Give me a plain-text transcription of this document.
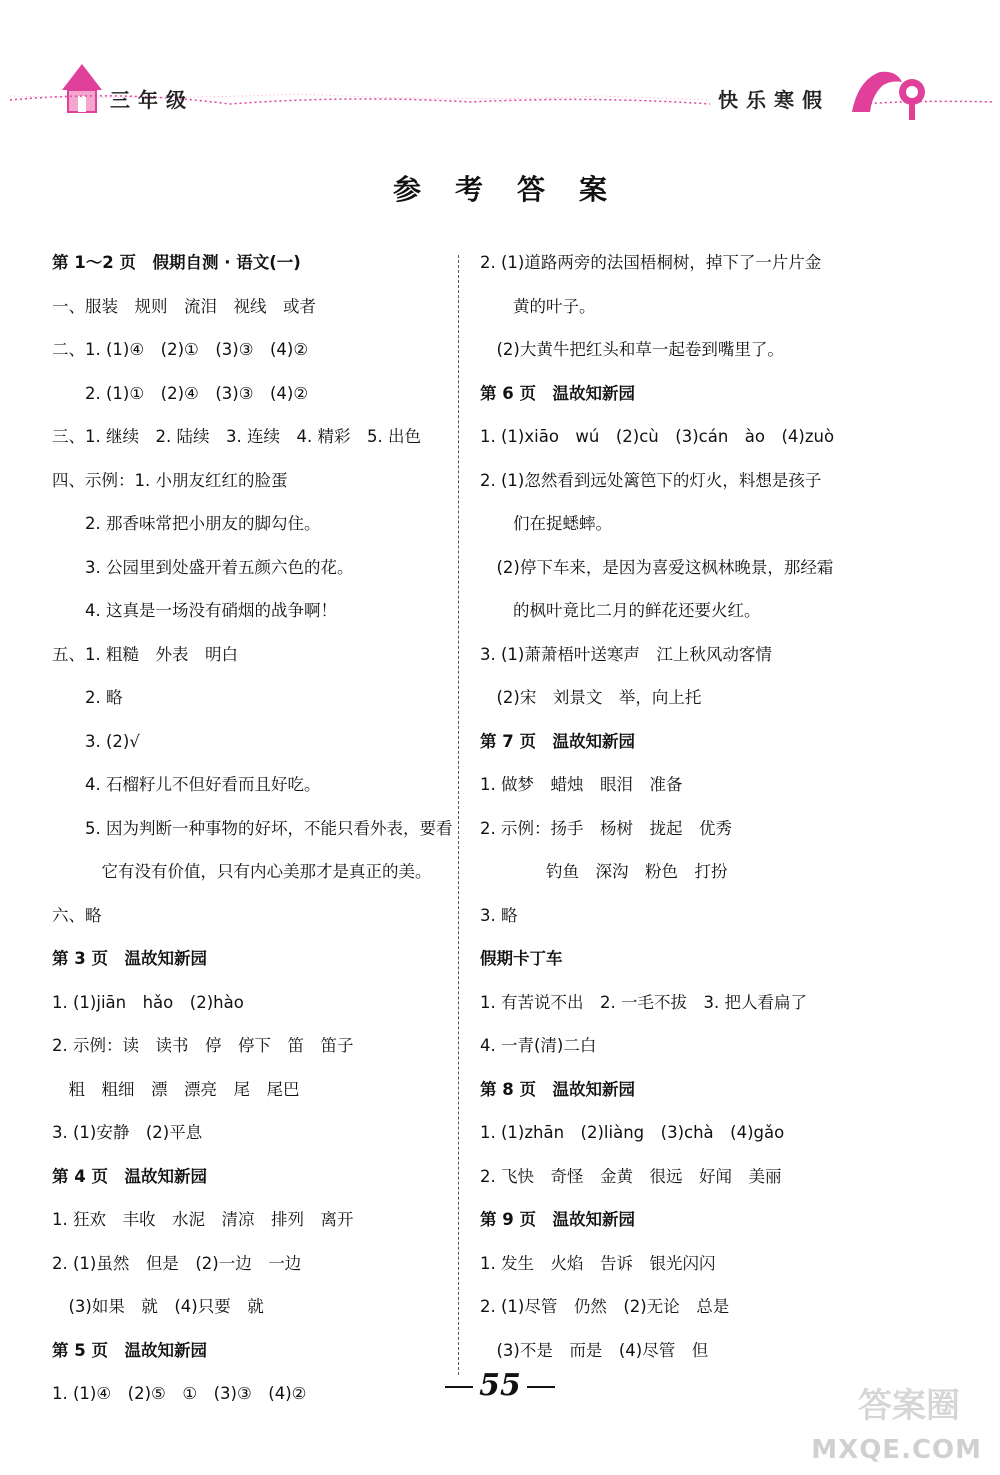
三年级	快乐寒假
参考答案
第 1～2 页　假期自测 · 语文(一)
一、服装　规则　流泪　视线　或者
二、1. (1)④　(2)①　(3)③　(4)②
　　2. (1)①　(2)④　(3)③　(4)②
三、1. 继续　2. 陆续　3. 连续　4. 精彩　5. 出色
四、示例：1. 小朋友红红的脸蛋
　　2. 那香味常把小朋友的脚勾住。
　　3. 公园里到处盛开着五颜六色的花。
　　4. 这真是一场没有硝烟的战争啊！
五、1. 粗糙　外表　明白
　　2. 略
　　3. (2)√
　　4. 石榴籽儿不但好看而且好吃。
　　5. 因为判断一种事物的好坏，不能只看外表，要看
　　　它有没有价值，只有内心美那才是真正的美。
六、略
第 3 页　温故知新园
1. (1)jiān　hǎo　(2)hào
2. 示例：读　读书　停　停下　笛　笛子
　粗　粗细　漂　漂亮　尾　尾巴
3. (1)安静　(2)平息
第 4 页　温故知新园
1. 狂欢　丰收　水泥　清凉　排列　离开
2. (1)虽然　但是　(2)一边　一边
　(3)如果　就　(4)只要　就
第 5 页　温故知新园
1. (1)④　(2)⑤　①　(3)③　(4)②
2. (1)道路两旁的法国梧桐树，掉下了一片片金
　　黄的叶子。
　(2)大黄牛把红头和草一起卷到嘴里了。
第 6 页　温故知新园
1. (1)xiāo　wú　(2)cù　(3)cán　ào　(4)zuò
2. (1)忽然看到远处篱笆下的灯火，料想是孩子
　　们在捉蟋蟀。
　(2)停下车来，是因为喜爱这枫林晚景，那经霜
　　的枫叶竟比二月的鲜花还要火红。
3. (1)萧萧梧叶送寒声　江上秋风动客情
　(2)宋　刘景文　举，向上托
第 7 页　温故知新园
1. 做梦　蜡烛　眼泪　准备
2. 示例：扬手　杨树　拢起　优秀
　　　　钓鱼　深沟　粉色　打扮
3. 略
假期卡丁车
1. 有苦说不出　2. 一毛不拔　3. 把人看扁了
4. 一青(清)二白
第 8 页　温故知新园
1. (1)zhān　(2)liàng　(3)chà　(4)gǎo
2. 飞快　奇怪　金黄　很远　好闻　美丽
第 9 页　温故知新园
1. 发生　火焰　告诉　银光闪闪
2. (1)尽管　仍然　(2)无论　总是
　(3)不是　而是　(4)尽管　但
55
答案圈
MXQE.COM
